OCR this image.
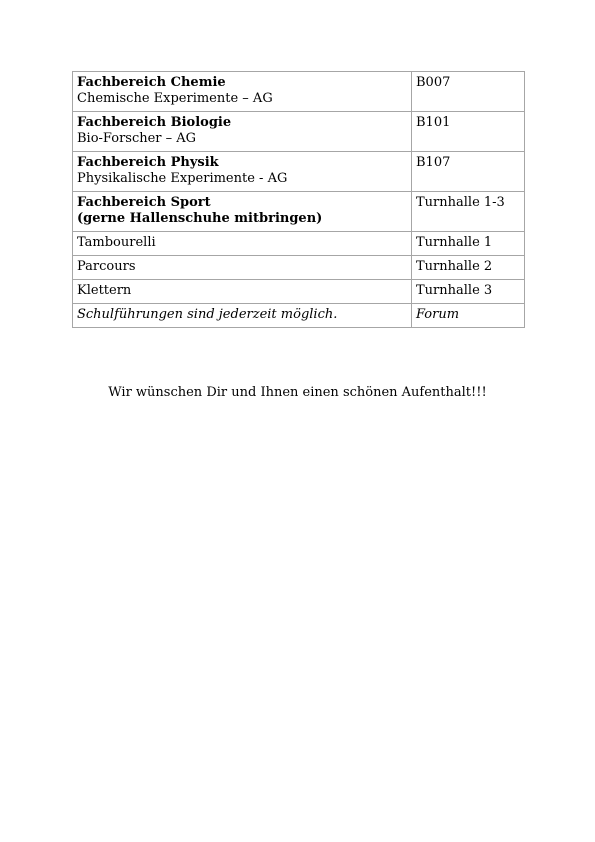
Fachbereich Chemie
Chemische Experimente – AG	B007

Fachbereich Biologie
Bio-Forscher – AG	B101

Fachbereich Physik
Physikalische Experimente - AG	B107

Fachbereich Sport
(gerne Hallenschuhe mitbringen)	Turnhalle 1-3
Tambourelli	Turnhalle 1
Parcours	Turnhalle 2
Klettern	Turnhalle 3
Schulführungen sind jederzeit möglich.	Forum
Wir wünschen Dir und Ihnen einen schönen Aufenthalt!!!
